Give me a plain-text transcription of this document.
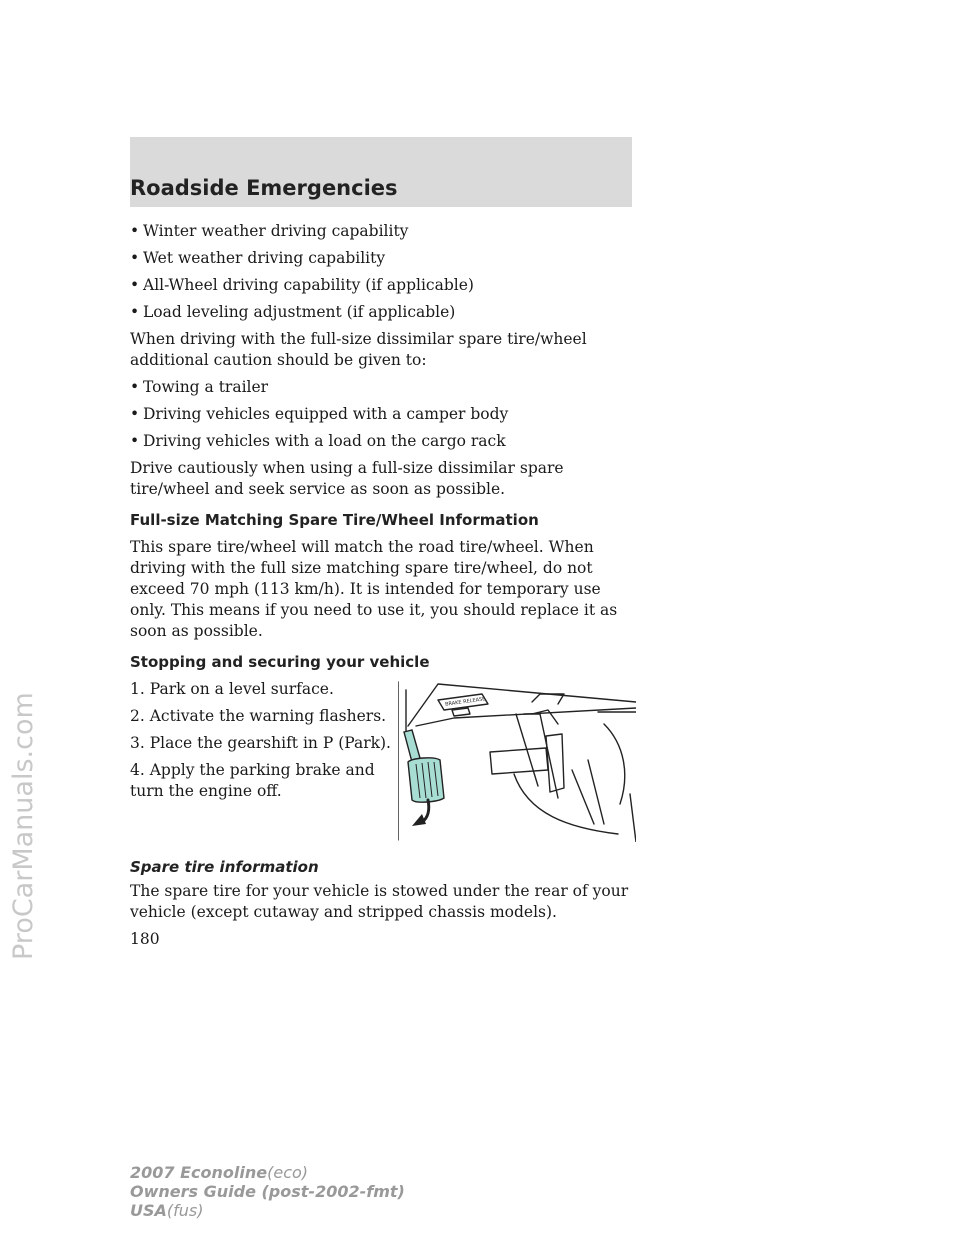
Roadside Emergencies
• Winter weather driving capability
• Wet weather driving capability
• All-Wheel driving capability (if applicable)
• Load leveling adjustment (if applicable)
When driving with the full-size dissimilar spare tire/wheel additional caution should be given to:
• Towing a trailer
• Driving vehicles equipped with a camper body
• Driving vehicles with a load on the cargo rack
Drive cautiously when using a full-size dissimilar spare tire/wheel and seek service as soon as possible.
Full-size Matching Spare Tire/Wheel Information
This spare tire/wheel will match the road tire/wheel. When driving with the full size matching spare tire/wheel, do not exceed 70 mph (113 km/h). It is intended for temporary use only. This means if you need to use it, you should replace it as soon as possible.
Stopping and securing your vehicle
1. Park on a level surface.
2. Activate the warning flashers.
3. Place the gearshift in P (Park).
4. Apply the parking brake and turn the engine off.
BRAKE RELEASE
Spare tire information
The spare tire for your vehicle is stowed under the rear of your vehicle (except cutaway and stripped chassis models).
180
2007 Econoline(eco)
Owners Guide (post-2002-fmt)
USA(fus)
ProCarManuals.com
